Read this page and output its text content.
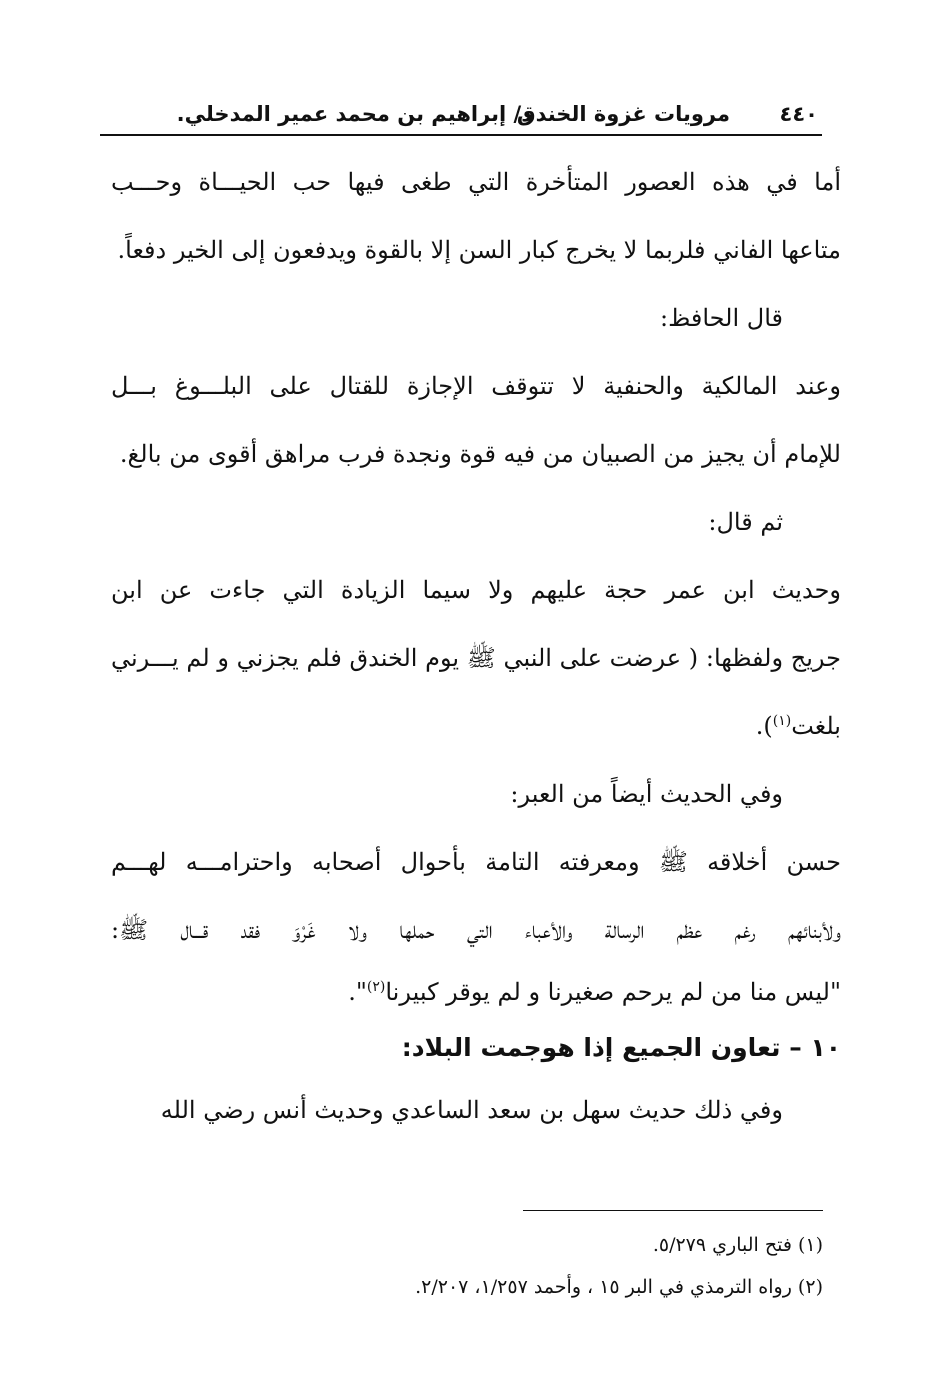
٤٤٠
مرويات غزوة الخندق
د/ إبراهيم بن محمد عمير المدخلي.
أما في هذه العصور المتأخرة التي طغى فيها حب الحيـــاة وحـــب
متاعها الفاني فلربما لا يخرج كبار السن إلا بالقوة ويدفعون إلى الخير دفعاً.
قال الحافظ:
وعند المالكية والحنفية لا تتوقف الإجازة للقتال على البلـــوغ بـــل
للإمام أن يجيز من الصبيان من فيه قوة ونجدة فرب مراهق أقوى من بالغ.
ثم قال:
وحديث ابن عمر حجة عليهم ولا سيما الزيادة التي جاءت عن ابن
جريج ولفظها: ( عرضت على النبي ﷺ يوم الخندق فلم يجزني و لم يـــرني
بلغت$^{(١)}$).
وفي الحديث أيضاً من العبر:
حسن أخلاقه ﷺ ومعرفته التامة بأحوال أصحابه واحترامـــه لهـــم
ولأبنائهم رغم عظم الرسالة والأعباء التي حملها ولا غَرْوَ فقد قـــال ﷺ:
"ليس منا من لم يرحم صغيرنا و لم يوقر كبيرنا$^{(٢)}$".
١٠ – تعاون الجميع إذا هوجمت البلاد:
وفي ذلك حديث سهل بن سعد الساعدي وحديث أنس رضي الله
(١) فتح الباري ٥/٢٧٩.
(٢) رواه الترمذي في البر ١٥ ، وأحمد ١/٢٥٧، ٢/٢٠٧.
